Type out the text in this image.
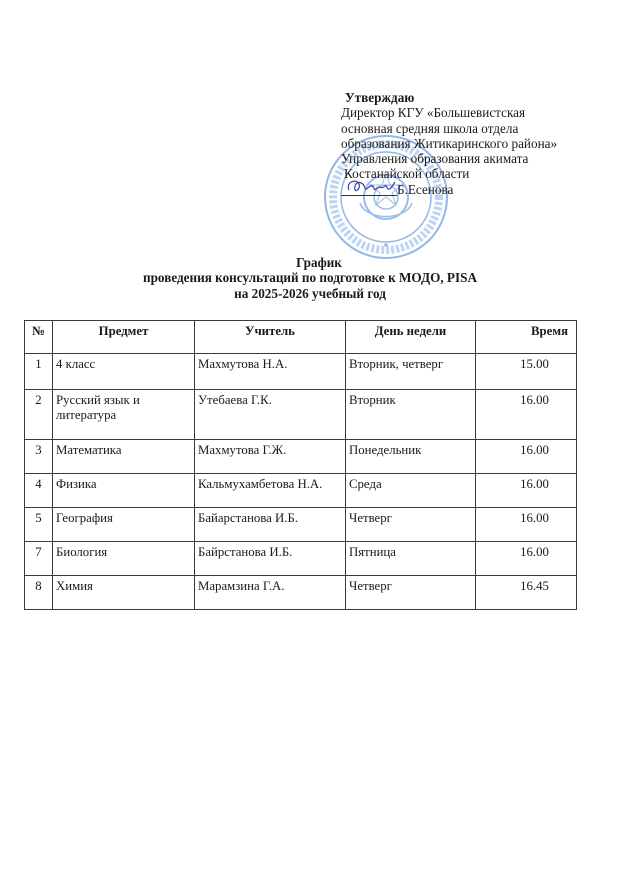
Утверждаю
Директор КГУ «Большевистская
основная средняя школа отдела
образования Житикаринского района»
Управления образования акимата
Костанайской области
Б.Есенова
График
проведения консультаций по подготовке к МОДО, PISA
на 2025-2026 учебный год
№	Предмет	Учитель	День недели	Время
1	4 класс	Махмутова Н.А.	Вторник, четверг	15.00
2	Русский язык и литература	Утебаева Г.К.	Вторник	16.00
3	Математика	Махмутова Г.Ж.	Понедельник	16.00
4	Физика	Кальмухамбетова Н.А.	Среда	16.00
5	География	Байарстанова И.Б.	Четверг	16.00
7	Биология	Байрстанова И.Б.	Пятница	16.00
8	Химия	Марамзина Г.А.	Четверг	16.45
